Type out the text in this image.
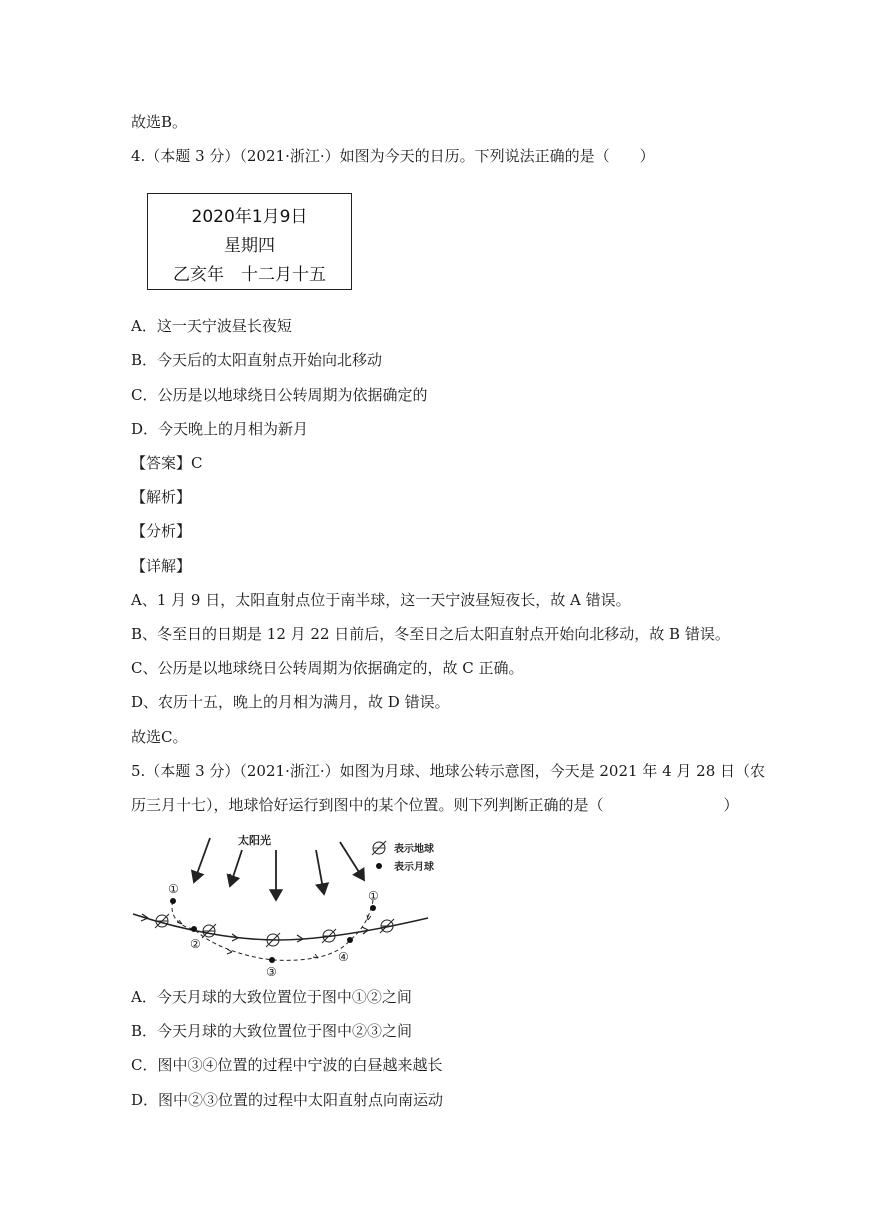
故选B。
4.（本题 3 分）（2021·浙江·）如图为今天的日历。下列说法正确的是（　　）
2020年1月9日
星期四
乙亥年　十二月十五
A．这一天宁波昼长夜短
B．今天后的太阳直射点开始向北移动
C．公历是以地球绕日公转周期为依据确定的
D．今天晚上的月相为新月
【答案】C
【解析】
【分析】
【详解】
A、1 月 9 日，太阳直射点位于南半球，这一天宁波昼短夜长，故 A 错误。
B、冬至日的日期是 12 月 22 日前后，冬至日之后太阳直射点开始向北移动，故 B 错误。
C、公历是以地球绕日公转周期为依据确定的，故 C 正确。
D、农历十五，晚上的月相为满月，故 D 错误。
故选C。
5.（本题 3 分）（2021·浙江·）如图为月球、地球公转示意图，今天是 2021 年 4 月 28 日（农
历三月十七），地球恰好运行到图中的某个位置。则下列判断正确的是（　　　　　　　　）
太阳光
表示地球
表示月球
①
②
③
④
①
A．今天月球的大致位置位于图中①②之间
B．今天月球的大致位置位于图中②③之间
C．图中③④位置的过程中宁波的白昼越来越长
D．图中②③位置的过程中太阳直射点向南运动
